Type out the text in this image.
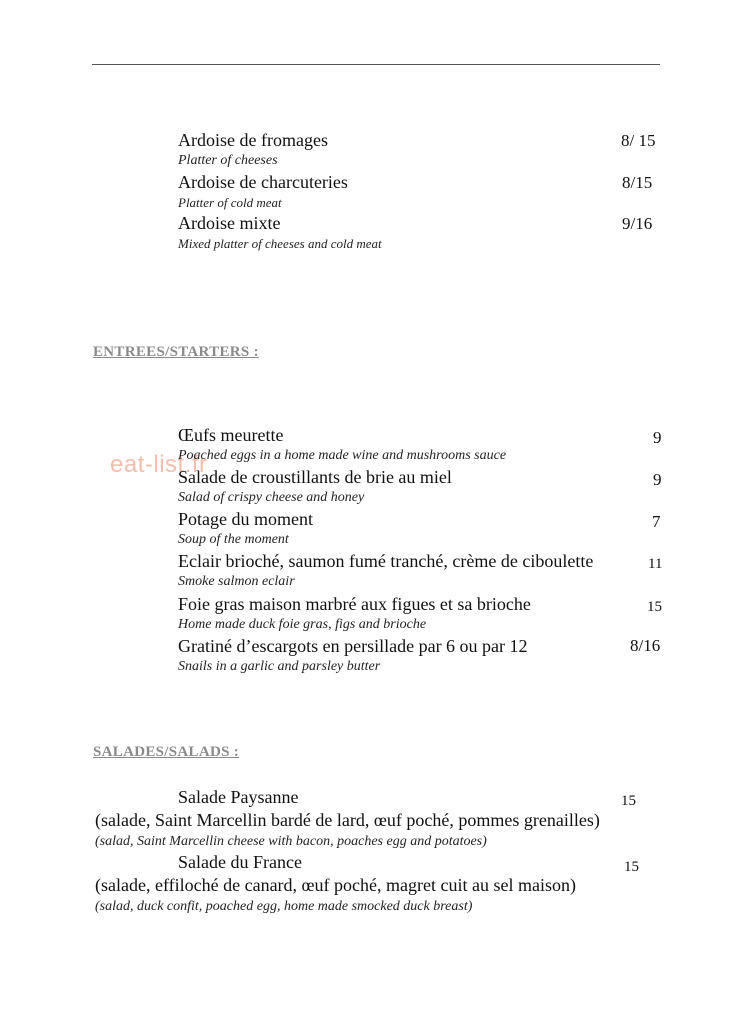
Ardoise de fromages
Platter of cheeses
8/ 15
Ardoise de charcuteries
Platter of cold meat
8/15
Ardoise mixte
Mixed platter of cheeses and cold meat
9/16
ENTREES/STARTERS :
eat-list.fr
Œufs meurette
Poached eggs in a home made wine and mushrooms sauce
9
Salade de croustillants de brie au miel
Salad of crispy cheese and honey
9
Potage du moment
Soup of the moment
7
Eclair brioché, saumon fumé tranché, crème de ciboulette
Smoke salmon eclair
11
Foie gras maison marbré aux figues et sa brioche
Home made duck foie gras, figs and brioche
15
Gratiné d’escargots en persillade par 6 ou par 12
Snails in a garlic and parsley butter
8/16
SALADES/SALADS :
Salade Paysanne	15
(salade, Saint Marcellin bardé de lard, œuf poché, pommes grenailles)
(salad, Saint Marcellin cheese with bacon, poaches egg and potatoes)
Salade du France	15
(salade, effiloché de canard, œuf poché, magret cuit au sel maison)
(salad, duck confit, poached egg, home made smocked duck breast)
